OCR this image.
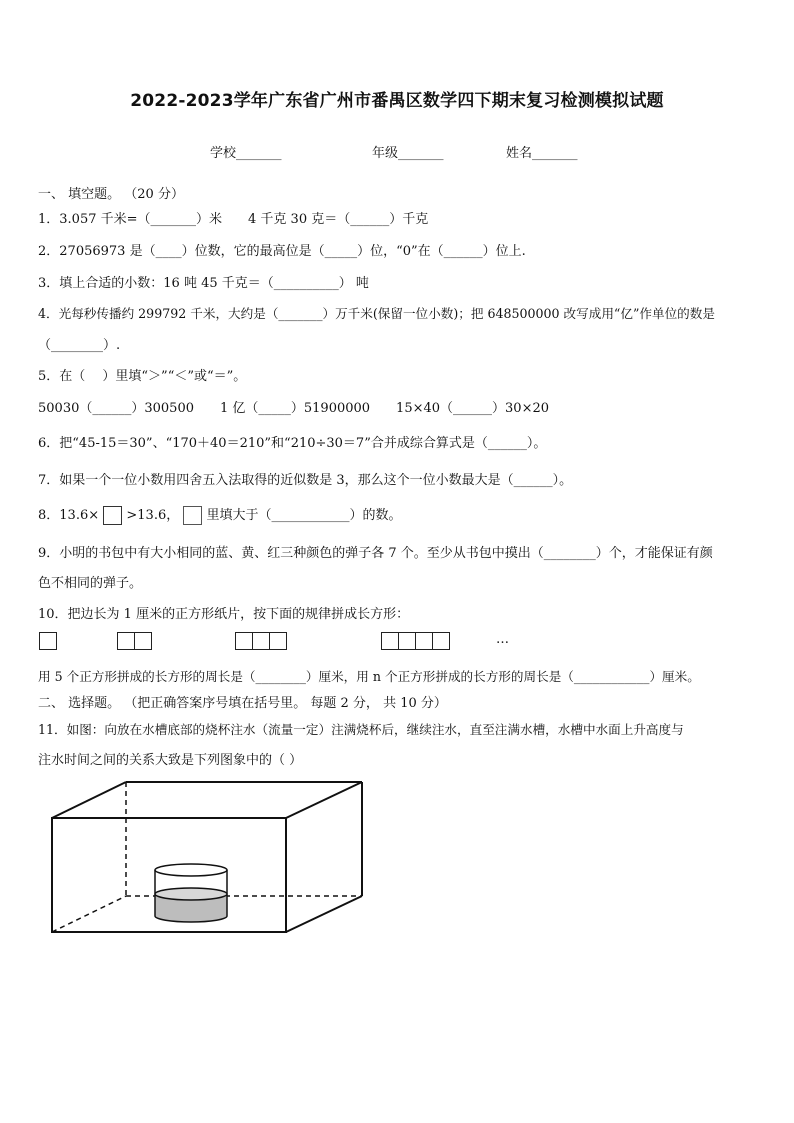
2022-2023学年广东省广州市番禺区数学四下期末复习检测模拟试题
学校_______	年级_______	姓名_______
一、 填空题。 （20 分）
1．3.057 千米=（_______）米　　4 千克 30 克＝（______）千克
2．27056973 是（____）位数，它的最高位是（_____）位，“0”在（______）位上.
3．填上合适的小数：16 吨 45 千克＝（__________） 吨
4．光每秒传播约 299792 千米，大约是（_______）万千米(保留一位小数)；把 648500000 改写成用“亿”作单位的数是
（________）.
5．在（　 ）里填“＞”“＜”或“＝”。
50030（______）300500　　1 亿（_____）51900000　　15×40（______）30×20
6．把“45-15＝30”、“170＋40＝210”和“210÷30＝7”合并成综合算式是（______）。
7．如果一个一位小数用四舍五入法取得的近似数是 3，那么这个一位小数最大是（______）。
8．13.6× >13.6， 里填大于（____________）的数。
9．小明的书包中有大小相同的蓝、黄、红三种颜色的弹子各 7 个。至少从书包中摸出（________）个，才能保证有颜
色不相同的弹子。
10．把边长为 1 厘米的正方形纸片，按下面的规律拼成长方形：
…
用 5 个正方形拼成的长方形的周长是（________）厘米，用 n 个正方形拼成的长方形的周长是（____________）厘米。
二、 选择题。 （把正确答案序号填在括号里。 每题 2 分， 共 10 分）
11．如图：向放在水槽底部的烧杯注水（流量一定）注满烧杯后，继续注水，直至注满水槽，水槽中水面上升高度与
注水时间之间的关系大致是下列图象中的（ ）
